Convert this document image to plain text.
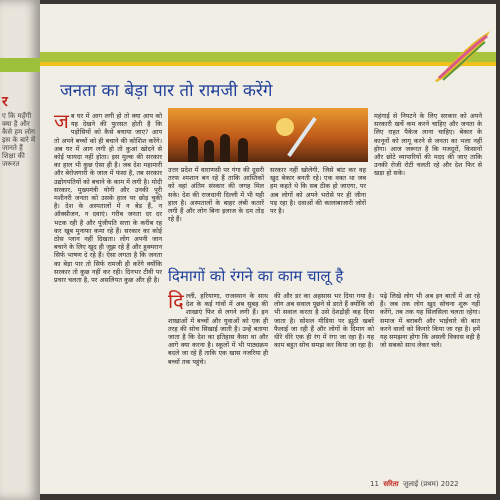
र
ए कि महँगी क्या है और कैसे हम लोग इस के बारे में जानते हैं शिक्षा की जरूरत
जनता का बेड़ा पार तो रामजी करेंगे
ज ब घर में आग लगी हो तो क्या आप को यह देखने की फुरसत होती है कि पड़ोसियों को कैसे बचाया जाए? आप तो अपने बच्चों को ही बचाने की कोशिश करेंगे। अब घर में आग लगी हो तो कुआं खोदने से कोई फायदा नहीं होता। इस मुल्क की सरकार का हाल भी कुछ ऐसा ही है। जब देश महामारी और बेरोजगारी के जाल में फंसा है, तब सरकार उद्योगपतियों को बचाने के काम में लगी है। मोदी सरकार, मुख्यमंत्री योगी और उनकी पूरी मशीनरी जनता को उसके हाल पर छोड़ चुकी है। देश के अस्पतालों में न बेड हैं, न ऑक्सीजन, न दवाएं। गरीब जनता दर दर भटक रही है और पूंजीपति सत्ता के करीब रह कर खूब मुनाफा कमा रहे हैं। सरकार का कोई ठोस प्लान नहीं दिखता। लोग अपनी जान बचाने के लिए खुद ही जूझ रहे हैं और हुक्मरान सिर्फ भाषण दे रहे हैं। ऐसा लगता है कि जनता का बेड़ा पार तो सिर्फ रामजी ही करेंगे क्योंकि सरकार तो कुछ नहीं कर रही। दिनभर टीवी पर प्रचार चलता है, पर असलियत कुछ और ही है।
उत्तर प्रदेश में वाराणसी पर गंगा की दूसरी तरफ श्मशान बन रहे हैं ताकि आस्तिकों को वहां अंतिम संस्कार की जगह मिल सके। देश की राजधानी दिल्ली में भी यही हाल है। अस्पतालों के बाहर लंबी कतारें लगी हैं और लोग बिना इलाज के दम तोड़ रहे हैं।
सरकार नहीं खोलेगी, जिसे बांट कर वह खुद बेकार बनती रहे। एक वक्त था जब हम कहते थे कि सब ठीक हो जाएगा, पर अब लोगों को अपने भरोसे पर ही जीना पड़ रहा है। दवाओं की कालाबाजारी जोरों पर है।
महंगाई से निपटने के लिए सरकार को अपने सरकारी खर्चे कम करने चाहिए और जनता के लिए राहत पैकेज लाना चाहिए। बेकार के कानूनों को लागू करने से जनता का भला नहीं होगा। आज जरूरत है कि मजदूरों, किसानों और छोटे व्यापारियों की मदद की जाए ताकि उनकी रोजी रोटी चलती रहे और देश फिर से खड़ा हो सके।
दिमागों को रंगने का काम चालू है
दि ल्ली, हरियाणा, राजस्थान के साथ देश के कई गांवों में अब सुबह की शाखाएं फिर से लगने लगी हैं। इन शाखाओं में बच्चों और युवाओं को एक ही तरह की सोच सिखाई जाती है। उन्हें बताया जाता है कि देश का इतिहास कैसा था और आगे क्या करना है। स्कूलों में भी पाठ्यक्रम बदले जा रहे हैं ताकि एक खास नजरिया ही बच्चों तक पहुंचे।
की और डर का अहसास भर दिया गया है। लोग अब सवाल पूछने से डरते हैं क्योंकि जो भी सवाल करता है उसे देशद्रोही कह दिया जाता है। सोशल मीडिया पर झूठी खबरें फैलाई जा रही हैं और लोगों के दिमाग को धीरे धीरे एक ही रंग में रंगा जा रहा है। यह काम बहुत सोच समझ कर किया जा रहा है।
पढ़े लिखे लोग भी अब इन बातों में आ रहे हैं। जब तक लोग खुद सोचना शुरू नहीं करेंगे, तब तक यह सिलसिला चलता रहेगा। समाज में बराबरी और भाईचारे की बात करने वालों को किनारे किया जा रहा है। हमें यह समझना होगा कि असली विकास वही है जो सबको साथ लेकर चले।
11 सरिता जुलाई (प्रथम) 2022
